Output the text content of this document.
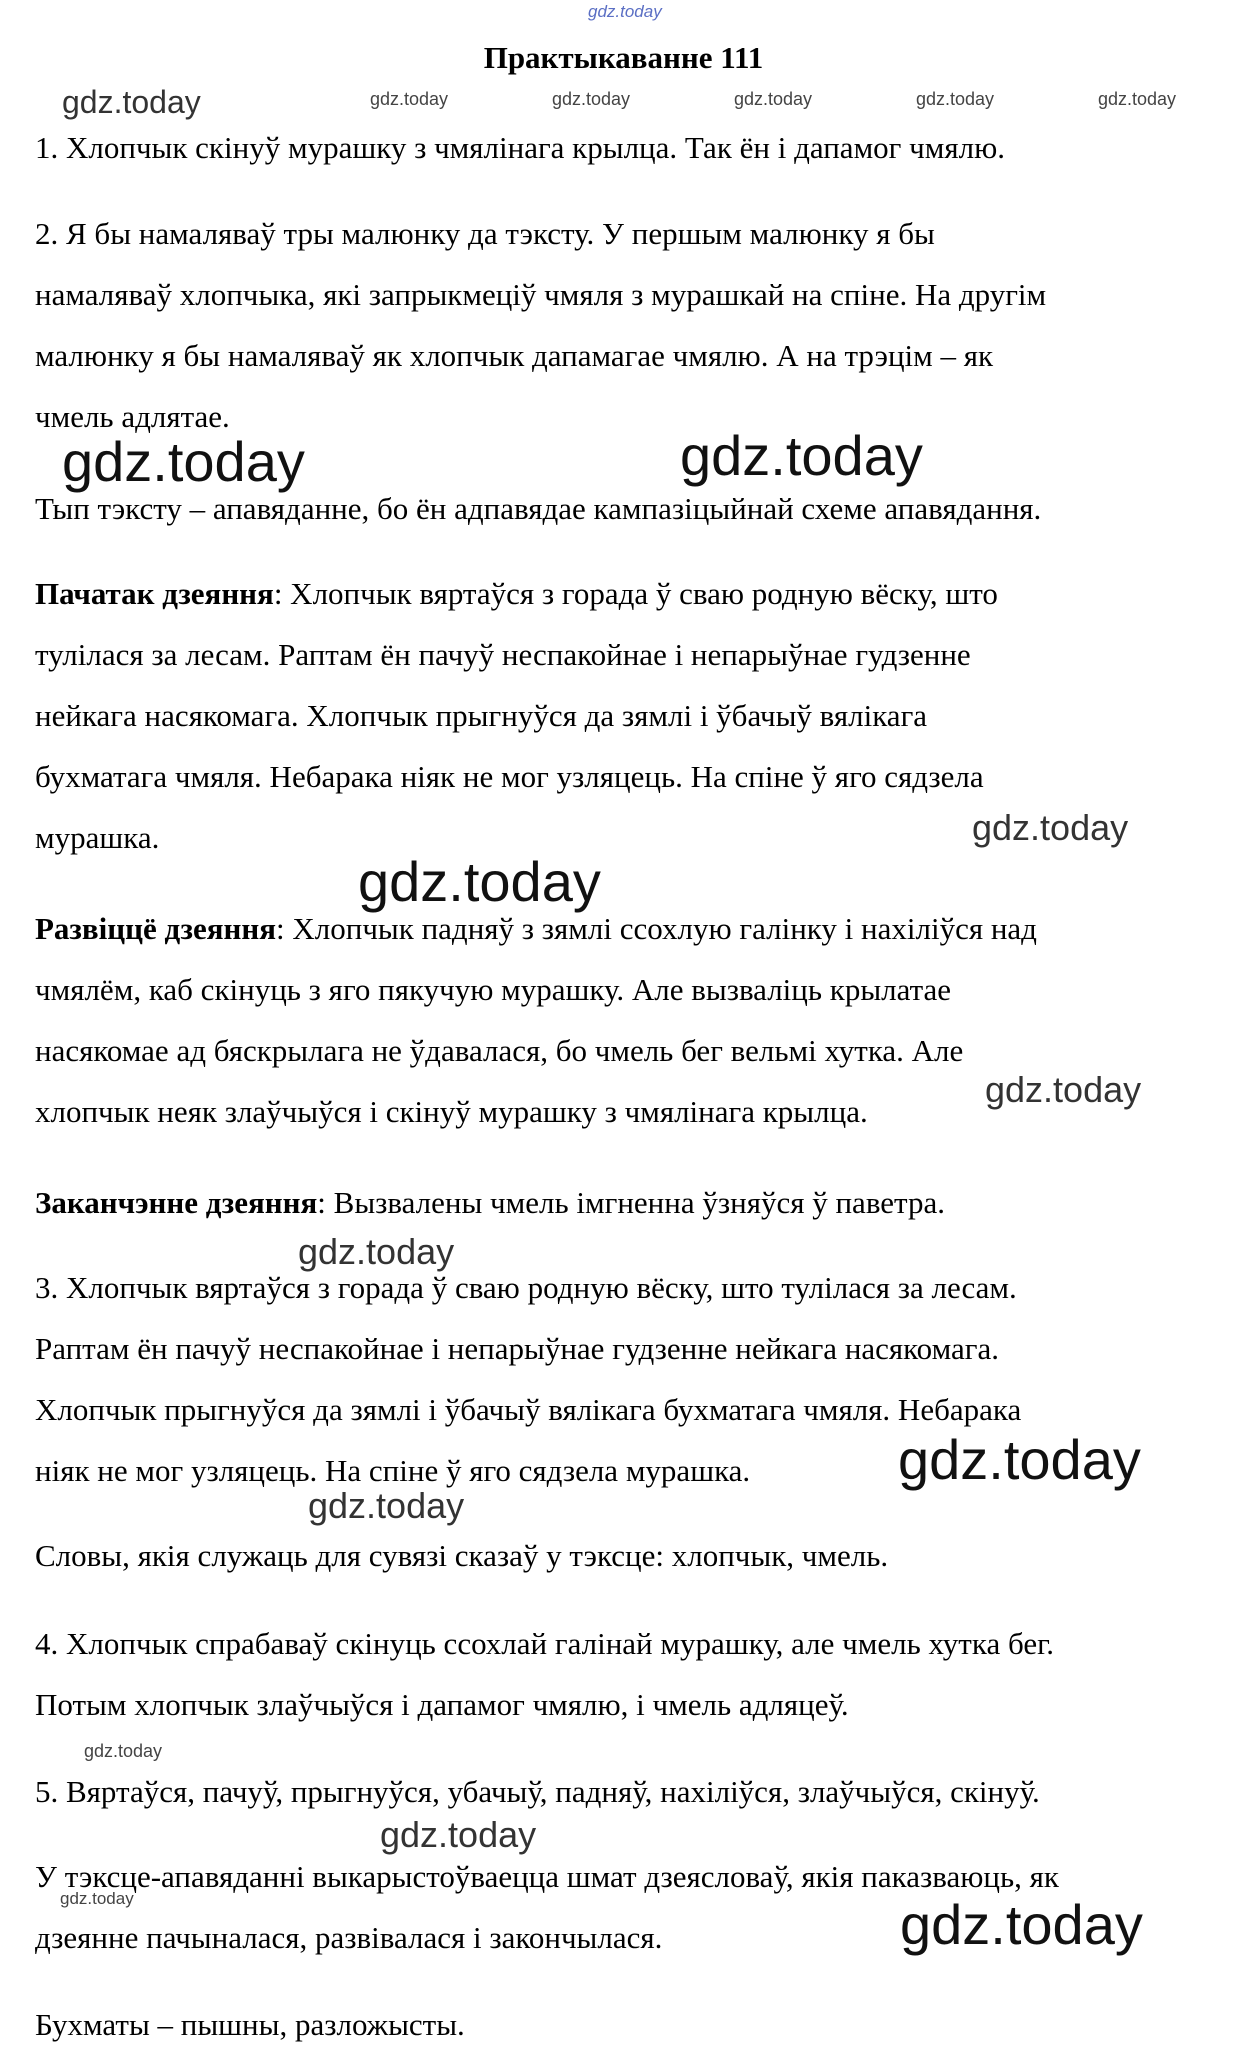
gdz.today
Практыкаванне 111
gdz.today	gdz.today	gdz.today	gdz.today	gdz.today	gdz.today
1. Хлопчык скінуў мурашку з чмялінага крылца. Так ён і дапамог чмялю.
2. Я бы намаляваў тры малюнку да тэксту. У першым малюнку я бы
намаляваў хлопчыка, які запрыкмеціў чмяля з мурашкай на спіне. На другім
малюнку я бы намаляваў як хлопчык дапамагае чмялю. А на трэцім – як
чмель адлятае.
gdz.today	gdz.today
Тып тэксту – апавяданне, бо ён адпавядае кампазіцыйнай схеме апавядання.
Пачатак дзеяння: Хлопчык вяртаўся з горада ў сваю родную вёску, што
тулілася за лесам. Раптам ён пачуў неспакойнае і непарыўнае гудзенне
нейкага насякомага. Хлопчык прыгнуўся да зямлі і ўбачыў вялікага
бухматага чмяля. Небарака ніяк не мог узляцець. На спіне ў яго сядзела
мурашка.	gdz.today
gdz.today
Развіццё дзеяння: Хлопчык падняў з зямлі ссохлую галінку і нахіліўся над
чмялём, каб скінуць з яго пякучую мурашку. Але вызваліць крылатае
насякомае ад бяскрылага не ўдавалася, бо чмель бег вельмі хутка. Але
хлопчык неяк злаўчыўся і скінуў мурашку з чмялінага крылца.
gdz.today
Заканчэнне дзеяння: Вызвалены чмель імгненна ўзняўся ў паветра.
gdz.today
3. Хлопчык вяртаўся з горада ў сваю родную вёску, што тулілася за лесам.
Раптам ён пачуў неспакойнае і непарыўнае гудзенне нейкага насякомага.
Хлопчык прыгнуўся да зямлі і ўбачыў вялікага бухматага чмяля. Небарака
ніяк не мог узляцець. На спіне ў яго сядзела мурашка.	gdz.today
gdz.today
Словы, якія служаць для сувязі сказаў у тэксце: хлопчык, чмель.
4. Хлопчык спрабаваў скінуць ссохлай галінай мурашку, але чмель хутка бег.
Потым хлопчык злаўчыўся і дапамог чмялю, і чмель адляцеў.
gdz.today
5. Вяртаўся, пачуў, прыгнуўся, убачыў, падняў, нахіліўся, злаўчыўся, скінуў.
gdz.today
gdz.today	gdz.today
У тэксце-апавяданні выкарыстоўваецца шмат дзеясловаў, якія паказваюць, як
дзеянне пачыналася, развівалася і закончылася.
Бухматы – пышны, разложысты.
